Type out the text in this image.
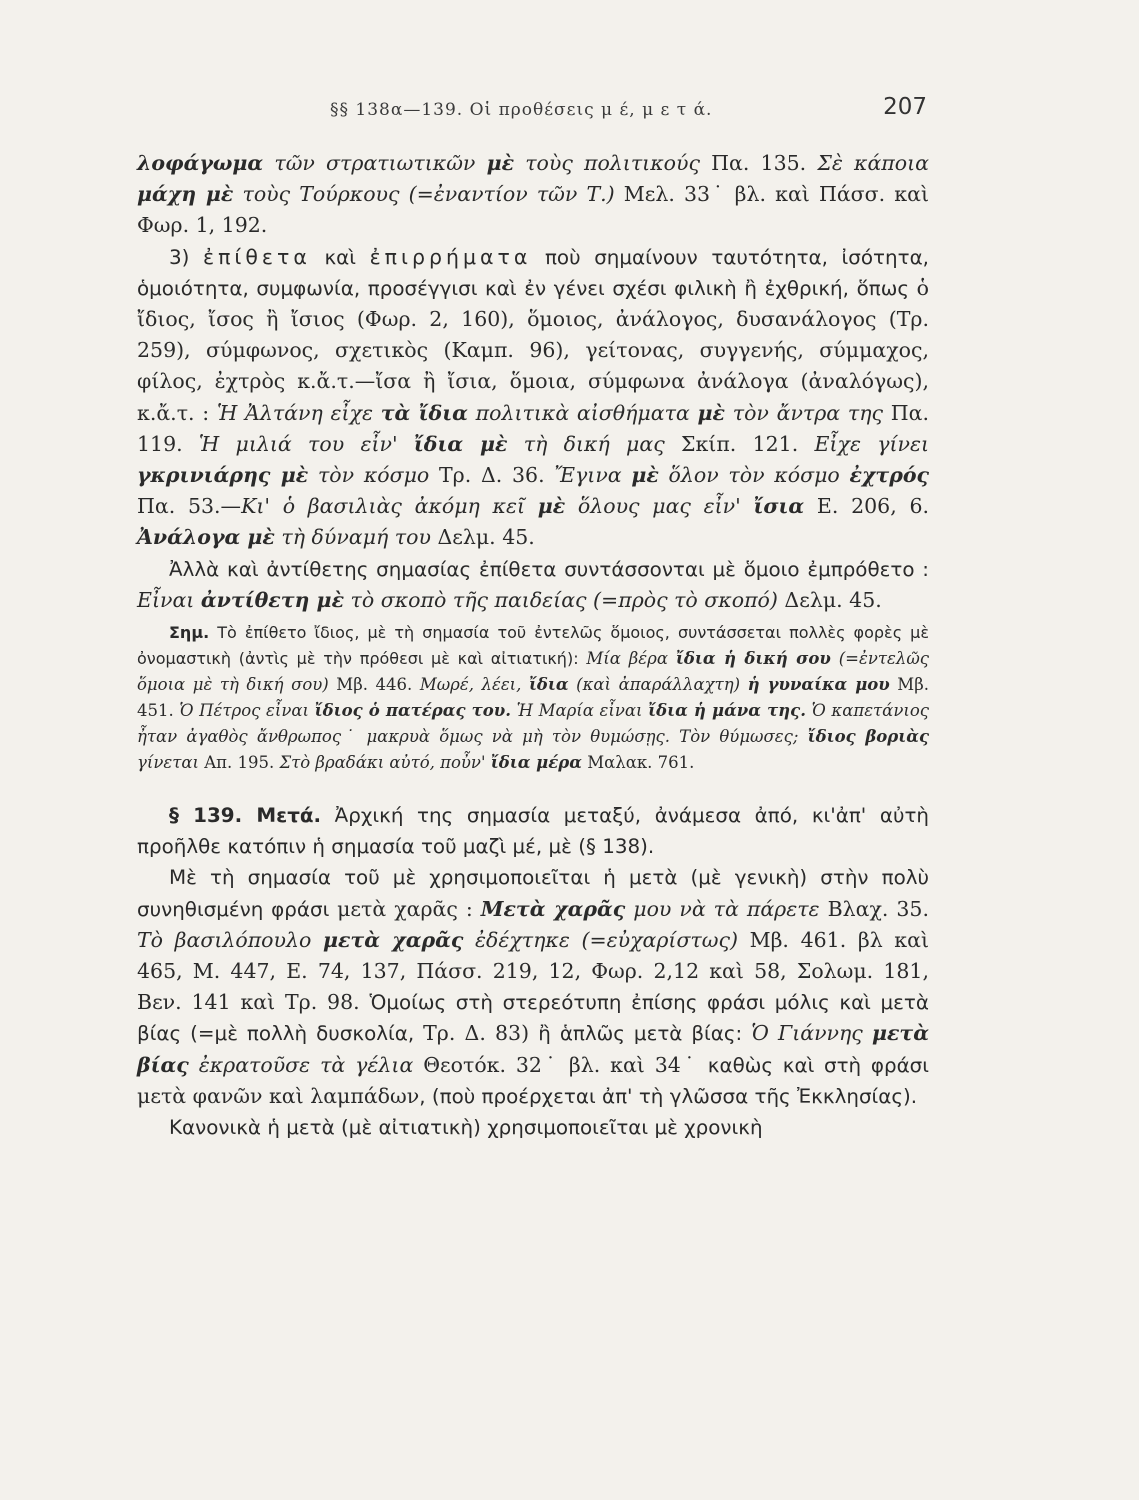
§§ 138α—139. Οἱ προθέσεις μ έ, μ ε τ ά.	207

λοφάγωμα τῶν στρατιωτικῶν μὲ τοὺς πολιτικούς Πα. 135. Σὲ κάποια μάχη μὲ τοὺς Τούρκους (=ἐναντίον τῶν Τ.) Μελ. 33˙ βλ. καὶ Πάσσ. καὶ Φωρ. 1, 192.

3) ἐπίθετα καὶ ἐπιρρήματα ποὺ σημαίνουν ταυτότητα, ἰσότητα, ὁμοιότητα, συμφωνία, προσέγγισι καὶ ἐν γένει σχέσι φιλικὴ ἢ ἐχθρική, ὅπως ὁ ἴδιος, ἴσος ἢ ἴσιος (Φωρ. 2, 160), ὅμοιος, ἀνάλογος, δυσανάλογος (Τρ. 259), σύμφωνος, σχετικὸς (Καμπ. 96), γείτονας, συγγενής, σύμμαχος, φίλος, ἐχτρὸς κ.ἄ.τ.—ἴσα ἢ ἴσια, ὅμοια, σύμφωνα ἀνάλογα (ἀναλόγως), κ.ἄ.τ. : Ἡ Ἀλτάνη εἶχε τὰ ἴδια πολιτικὰ αἰσθήματα μὲ τὸν ἄντρα της Πα. 119. Ἡ μιλιά του εἶν' ἴδια μὲ τὴ δική μας Σκίπ. 121. Εἶχε γίνει γκρινιάρης μὲ τὸν κόσμο Τρ. Δ. 36. Ἔγινα μὲ ὅλον τὸν κόσμο ἐχτρός Πα. 53.—Κι' ὁ βασιλιὰς ἀκόμη κεῖ μὲ ὅλους μας εἶν' ἴσια Ε. 206, 6. Ἀνάλογα μὲ τὴ δύναμή του Δελμ. 45.

Ἀλλὰ καὶ ἀντίθετης σημασίας ἐπίθετα συντάσσονται μὲ ὅμοιο ἐμπρόθετο : Εἶναι ἀντίθετη μὲ τὸ σκοπὸ τῆς παιδείας (=πρὸς τὸ σκοπό) Δελμ. 45.

Σημ. Τὸ ἐπίθετο ἴδιος, μὲ τὴ σημασία τοῦ ἐντελῶς ὅμοιος, συντάσσεται πολλὲς φορὲς μὲ ὀνομαστικὴ (ἀντὶς μὲ τὴν πρόθεσι μὲ καὶ αἰτιατική): Μία βέρα ἴδια ἡ δική σου (=ἐντελῶς ὅμοια μὲ τὴ δική σου) Μβ. 446. Μωρέ, λέει, ἴδια (καὶ ἀπαράλλαχτη) ἡ γυναίκα μου Μβ. 451. Ὁ Πέτρος εἶναι ἴδιος ὁ πατέρας του. Ἡ Μαρία εἶναι ἴδια ἡ μάνα της. Ὁ καπετάνιος ἦταν ἀγαθὸς ἄνθρωπος˙ μακρυὰ ὅμως νὰ μὴ τὸν θυμώσῃς. Τὸν θύμωσες; ἴδιος βοριὰς γίνεται Απ. 195. Στὸ βραδάκι αὐτό, ποὖν' ἴδια μέρα Μαλακ. 761.

§ 139. Μετά. Ἀρχική της σημασία μεταξύ, ἀνάμεσα ἀπό, κι'ἀπ' αὐτὴ προῆλθε κατόπιν ἡ σημασία τοῦ μαζὶ μέ, μὲ (§ 138).

Μὲ τὴ σημασία τοῦ μὲ χρησιμοποιεῖται ἡ μετὰ (μὲ γενικὴ) στὴν πολὺ συνηθισμένη φράσι μετὰ χαρᾶς : Μετὰ χαρᾶς μου νὰ τὰ πάρετε Βλαχ. 35. Τὸ βασιλόπουλο μετὰ χαρᾶς ἐδέχτηκε (=εὐχαρίστως) Μβ. 461. βλ καὶ 465, Μ. 447, Ε. 74, 137, Πάσσ. 219, 12, Φωρ. 2,12 καὶ 58, Σολωμ. 181, Βεν. 141 καὶ Τρ. 98. Ὁμοίως στὴ στερεότυπη ἐπίσης φράσι μόλις καὶ μετὰ βίας (=μὲ πολλὴ δυσκολία, Τρ. Δ. 83) ἢ ἁπλῶς μετὰ βίας: Ὁ Γιάννης μετὰ βίας ἐκρατοῦσε τὰ γέλια Θεοτόκ. 32˙ βλ. καὶ 34˙ καθὼς καὶ στὴ φράσι μετὰ φανῶν καὶ λαμπάδων, (ποὺ προέρχεται ἀπ' τὴ γλῶσσα τῆς Ἐκκλησίας).

Κανονικὰ ἡ μετὰ (μὲ αἰτιατικὴ) χρησιμοποιεῖται μὲ χρονικὴ
